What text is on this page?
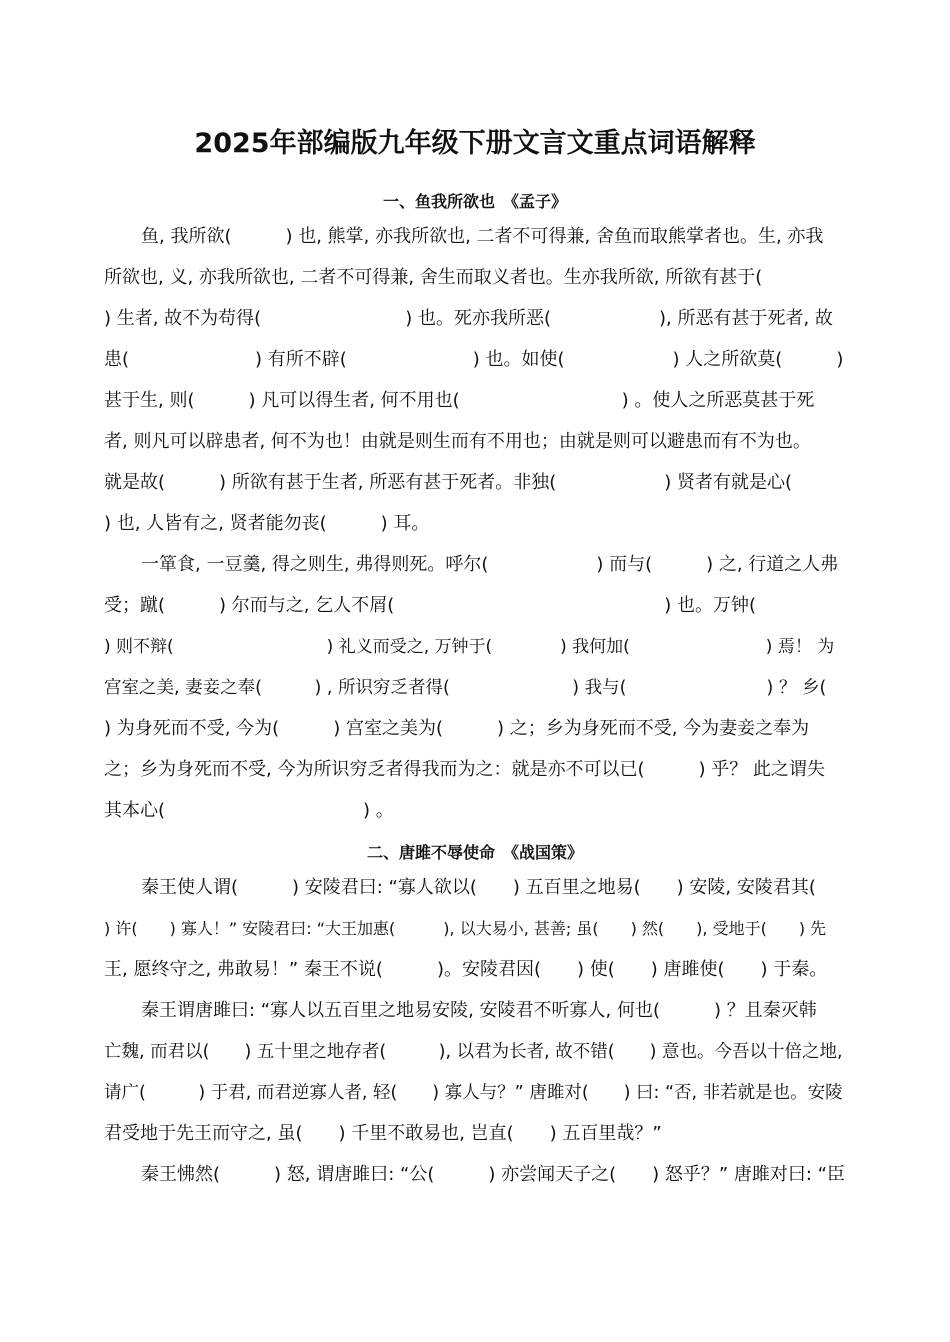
2025年部编版九年级下册文言文重点词语解释
一、鱼我所欲也　《孟子》

鱼, 我所欲(　　　) 也, 熊掌, 亦我所欲也, 二者不可得兼, 舍鱼而取熊掌者也。生, 亦我

所欲也, 义, 亦我所欲也, 二者不可得兼, 舍生而取义者也。生亦我所欲, 所欲有甚于(

) 生者, 故不为苟得(　　　　　　　　) 也。死亦我所恶(　　　　　　), 所恶有甚于死者, 故

患(　　　　　　　) 有所不辟(　　　　　　　) 也。如使(　　　　　　) 人之所欲莫(　　　)

甚于生, 则(　　　) 凡可以得生者, 何不用也(　　　　　　　　　) 。使人之所恶莫甚于死

者, 则凡可以辟患者, 何不为也！由就是则生而有不用也；由就是则可以避患而有不为也。

就是故(　　　) 所欲有甚于生者, 所恶有甚于死者。非独(　　　　　　) 贤者有就是心(

) 也, 人皆有之, 贤者能勿丧(　　　) 耳。

一箪食, 一豆羹, 得之则生, 弗得则死。呼尔(　　　　　　) 而与(　　　) 之, 行道之人弗

受；蹴(　　　) 尔而与之, 乞人不屑(　　　　　　　　　　　　　　　) 也。万钟(

) 则不辩(　　　　　　　　　) 礼义而受之, 万钟于(　　　　) 我何加(　　　　　　　　) 焉！ 为

宫室之美, 妻妾之奉(　　　) , 所识穷乏者得(　　　　　　　) 我与(　　　　　　　　) ？ 乡(

) 为身死而不受, 今为(　　　) 宫室之美为(　　　) 之；乡为身死而不受, 今为妻妾之奉为

之；乡为身死而不受, 今为所识穷乏者得我而为之：就是亦不可以已(　　　) 乎？ 此之谓失

其本心(　　　　　　　　　　　) 。

二、唐雎不辱使命　《战国策》

秦王使人谓(　　　) 安陵君曰: “寡人欲以(　　) 五百里之地易(　　) 安陵, 安陵君其(

) 许(　　) 寡人！” 安陵君曰: “大王加惠(　　　), 以大易小, 甚善; 虽(　　) 然(　　), 受地于(　　) 先

王, 愿终守之, 弗敢易！” 秦王不说(　　　)。安陵君因(　　) 使(　　) 唐雎使(　　) 于秦。

秦王谓唐雎曰: “寡人以五百里之地易安陵, 安陵君不听寡人, 何也(　　　) ？且秦灭韩

亡魏, 而君以(　　) 五十里之地存者(　　　), 以君为长者, 故不错(　　) 意也。今吾以十倍之地,

请广(　　　) 于君, 而君逆寡人者, 轻(　　) 寡人与？” 唐雎对(　　) 曰: “否, 非若就是也。安陵

君受地于先王而守之, 虽(　　) 千里不敢易也, 岂直(　　) 五百里哉？”

秦王怫然(　　　) 怒, 谓唐雎曰: “公(　　　) 亦尝闻天子之(　　) 怒乎？” 唐雎对曰: “臣
